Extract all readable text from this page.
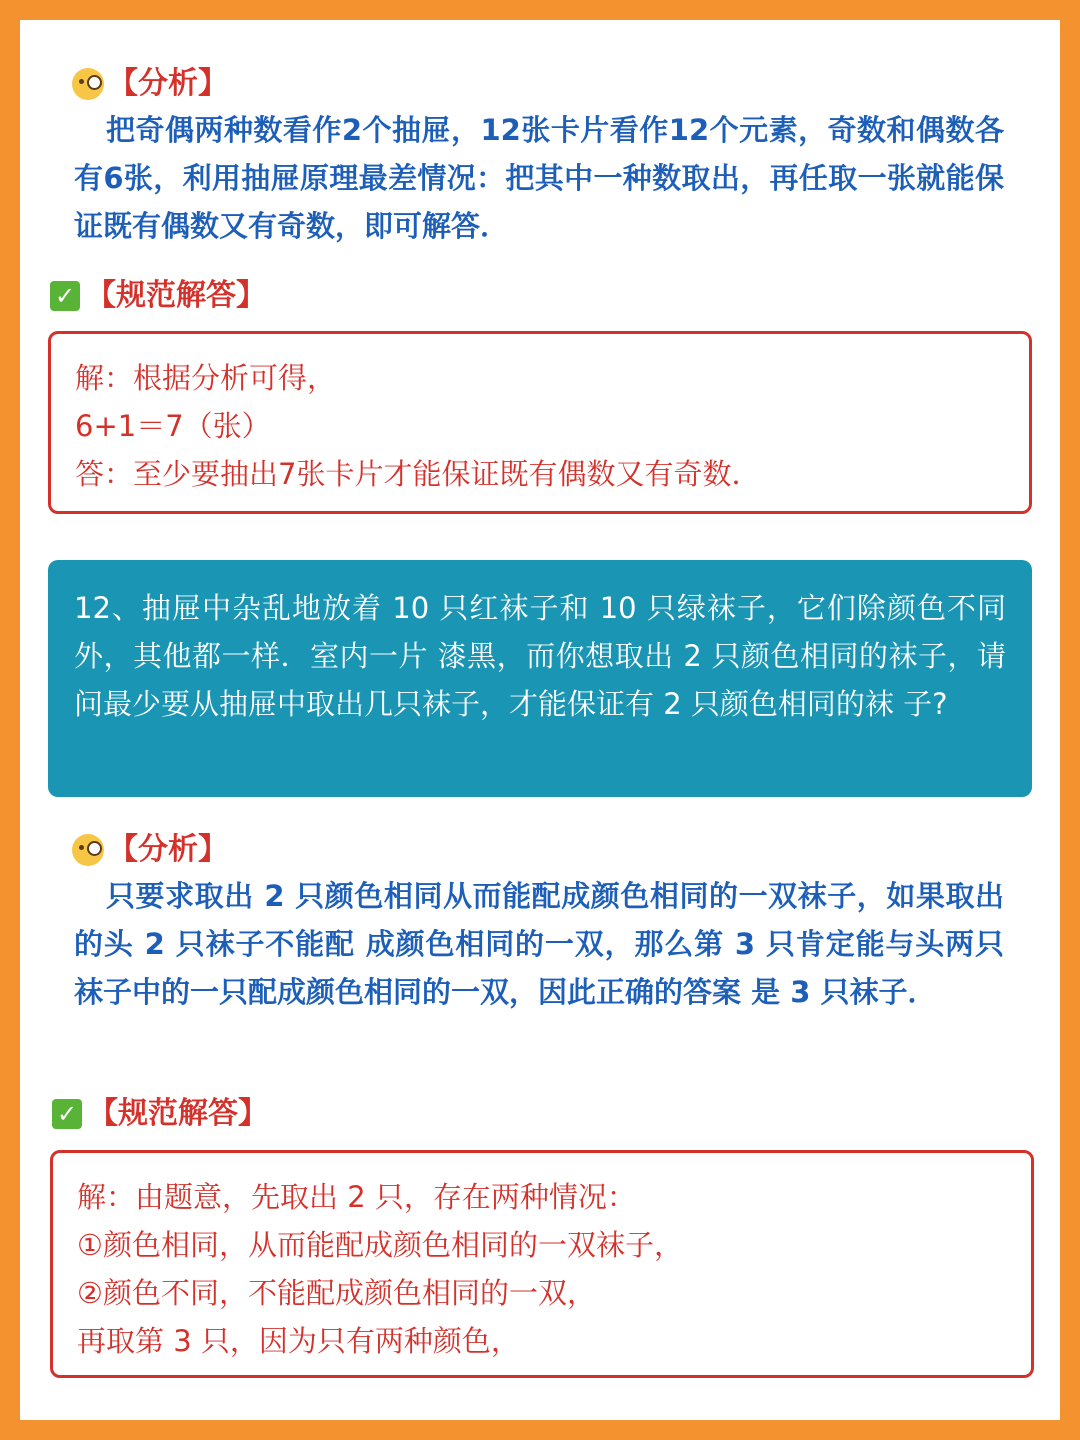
【分析】
把奇偶两种数看作2个抽屉，12张卡片看作12个元素，奇数和偶数各有6张，利用抽屉原理最差情况：把其中一种数取出，再任取一张就能保证既有偶数又有奇数，即可解答．
✓ 【规范解答】
解：根据分析可得，
6+1＝7（张）
答：至少要抽出7张卡片才能保证既有偶数又有奇数．
12、抽屉中杂乱地放着 10 只红袜子和 10 只绿袜子，它们除颜色不同外，其他都一样．室内一片 漆黑，而你想取出 2 只颜色相同的袜子，请问最少要从抽屉中取出几只袜子，才能保证有 2 只颜色相同的袜 子?
【分析】
只要求取出 2 只颜色相同从而能配成颜色相同的一双袜子，如果取出的头 2 只袜子不能配 成颜色相同的一双，那么第 3 只肯定能与头两只袜子中的一只配成颜色相同的一双，因此正确的答案 是 3 只袜子．
✓ 【规范解答】
解：由题意，先取出 2 只，存在两种情况：
①颜色相同，从而能配成颜色相同的一双袜子，
②颜色不同，不能配成颜色相同的一双，
再取第 3 只，因为只有两种颜色，
